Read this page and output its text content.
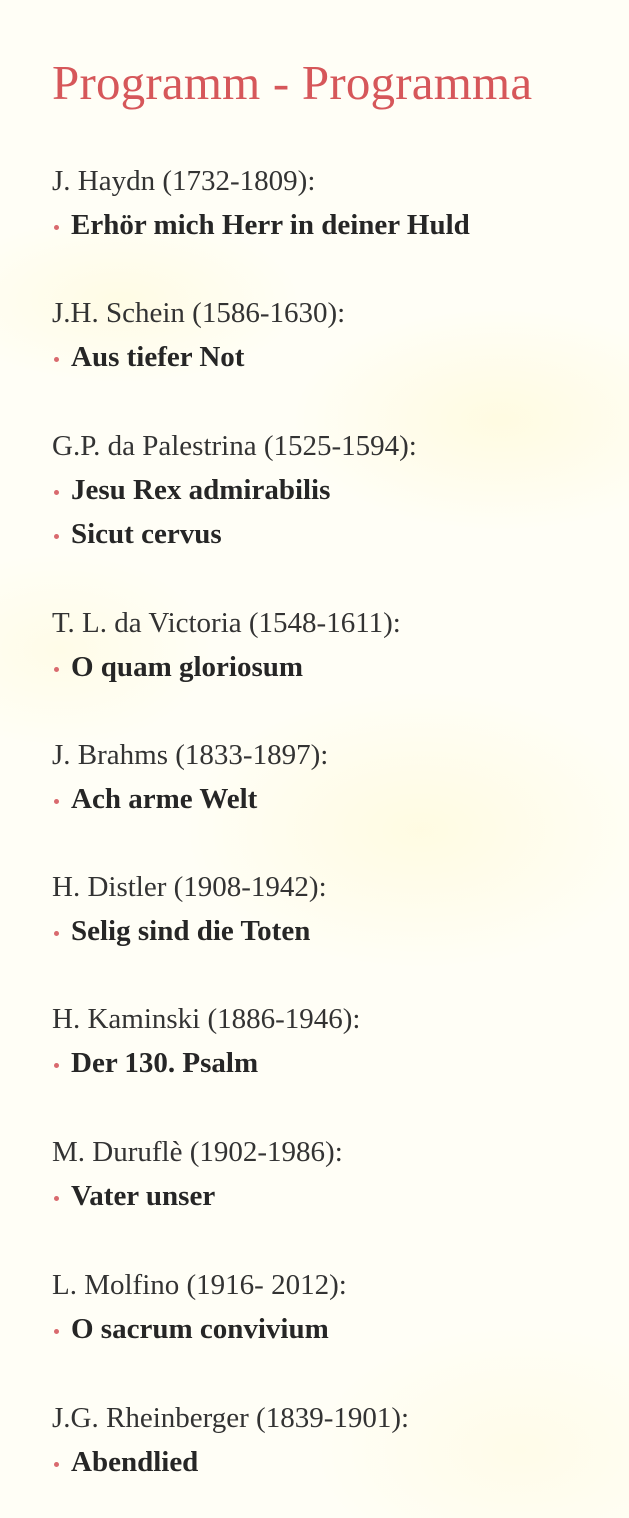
Programm - Programma
J. Haydn (1732-1809):
Erhör mich Herr in deiner Huld
J.H. Schein (1586-1630):
Aus tiefer Not
G.P. da Palestrina (1525-1594):
Jesu Rex admirabilis
Sicut cervus
T. L. da Victoria (1548-1611):
O quam gloriosum
J. Brahms (1833-1897):
Ach arme Welt
H. Distler (1908-1942):
Selig sind die Toten
H. Kaminski (1886-1946):
Der 130. Psalm
M. Duruflè (1902-1986):
Vater unser
L. Molfino (1916- 2012):
O sacrum convivium
J.G. Rheinberger (1839-1901):
Abendlied
